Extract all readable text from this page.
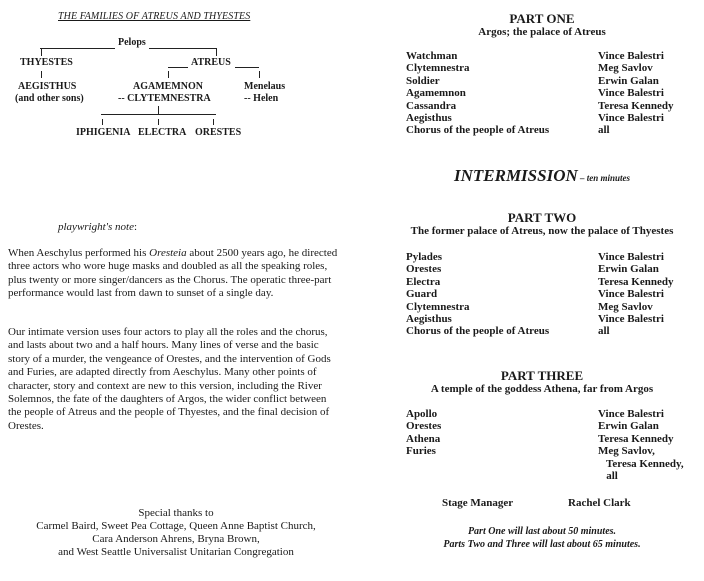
THE FAMILIES OF ATREUS AND THYESTES
Pelops
THYESTES	ATREUS
AEGISTHUS
(and other sons)
AGAMEMNON
-- CLYTEMNESTRA
Menelaus
-- Helen
IPHIGENIA ELECTRA ORESTES
playwright's note:
When Aeschylus performed his Oresteia about 2500 years ago, he directed three actors who wore huge masks and doubled as all the speaking roles, plus twenty or more singer/dancers as the Chorus. The operatic three-part performance would last from dawn to sunset of a single day.
Our intimate version uses four actors to play all the roles and the chorus, and lasts about two and a half hours. Many lines of verse and the basic story of a murder, the vengeance of Orestes, and the intervention of Gods and Furies, are adapted directly from Aeschylus. Many other points of character, story and context are new to this version, including the River Solemnos, the fate of the daughters of Argos, the wider conflict between the people of Atreus and the people of Thyestes, and the final decision of Orestes.
Special thanks to
Carmel Baird, Sweet Pea Cottage, Queen Anne Baptist Church,
Cara Anderson Ahrens, Bryna Brown,
and West Seattle Universalist Unitarian Congregation
PART ONE
Argos; the palace of Atreus
Watchman	Vince Balestri
Clytemnestra	Meg Savlov
Soldier	Erwin Galan
Agamemnon	Vince Balestri
Cassandra	Teresa Kennedy
Aegisthus	Vince Balestri
Chorus of the people of Atreus	all
INTERMISSION – ten minutes
PART TWO
The former palace of Atreus, now the palace of Thyestes
Pylades	Vince Balestri
Orestes	Erwin Galan
Electra	Teresa Kennedy
Guard	Vince Balestri
Clytemnestra	Meg Savlov
Aegisthus	Vince Balestri
Chorus of the people of Atreus	all
PART THREE
A temple of the goddess Athena, far from Argos
Apollo	Vince Balestri
Orestes	Erwin Galan
Athena	Teresa Kennedy
Furies	Meg Savlov,
Teresa Kennedy,
all
Stage Manager	Rachel Clark
Part One will last about 50 minutes.
Parts Two and Three will last about 65 minutes.
